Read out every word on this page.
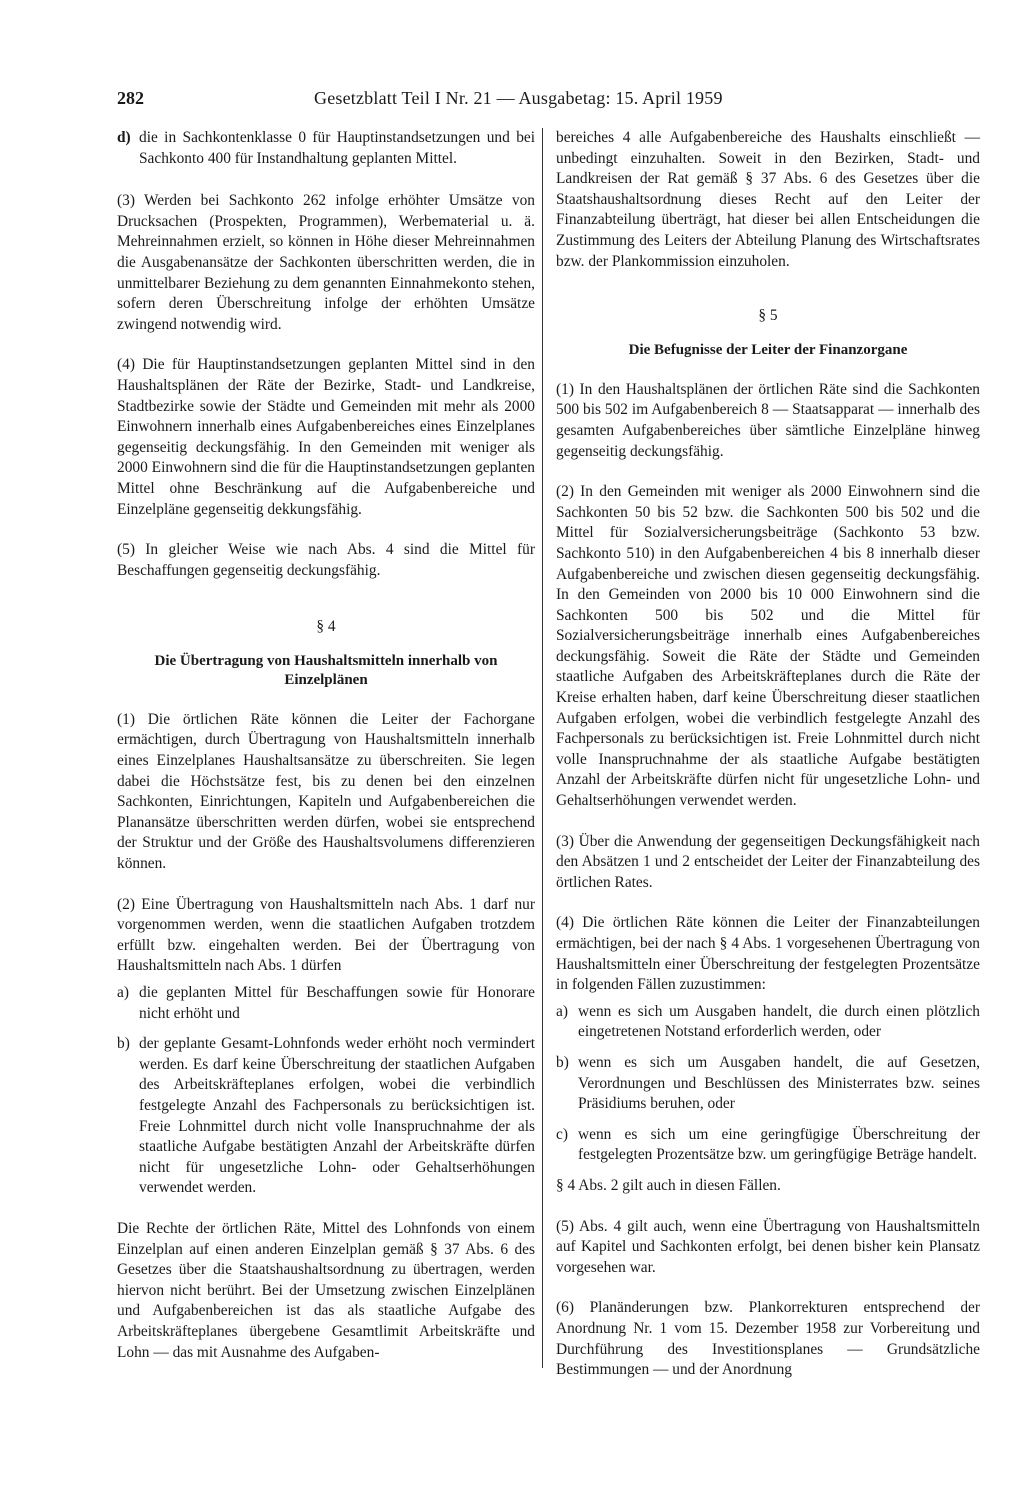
282	Gesetzblatt Teil I Nr. 21 — Ausgabetag: 15. April 1959
d) die in Sachkontenklasse 0 für Hauptinstandsetzungen und bei Sachkonto 400 für Instandhaltung geplanten Mittel.

(3) Werden bei Sachkonto 262 infolge erhöhter Umsätze von Drucksachen (Prospekten, Programmen), Werbematerial u. ä. Mehreinnahmen erzielt, so können in Höhe dieser Mehreinnahmen die Ausgabenansätze der Sachkonten überschritten werden, die in unmittelbarer Beziehung zu dem genannten Einnahmekonto stehen, sofern deren Überschreitung infolge der erhöhten Umsätze zwingend notwendig wird.

(4) Die für Hauptinstandsetzungen geplanten Mittel sind in den Haushaltsplänen der Räte der Bezirke, Stadt- und Landkreise, Stadtbezirke sowie der Städte und Gemeinden mit mehr als 2000 Einwohnern innerhalb eines Aufgabenbereiches eines Einzelplanes gegenseitig deckungsfähig. In den Gemeinden mit weniger als 2000 Einwohnern sind die für die Hauptinstandsetzungen geplanten Mittel ohne Beschränkung auf die Aufgabenbereiche und Einzelpläne gegenseitig dekkungsfähig.

(5) In gleicher Weise wie nach Abs. 4 sind die Mittel für Beschaffungen gegenseitig deckungsfähig.

§ 4
Die Übertragung von Haushaltsmitteln innerhalb von Einzelplänen

(1) Die örtlichen Räte können die Leiter der Fachorgane ermächtigen, durch Übertragung von Haushaltsmitteln innerhalb eines Einzelplanes Haushaltsansätze zu überschreiten. Sie legen dabei die Höchstsätze fest, bis zu denen bei den einzelnen Sachkonten, Einrichtungen, Kapiteln und Aufgabenbereichen die Planansätze überschritten werden dürfen, wobei sie entsprechend der Struktur und der Größe des Haushaltsvolumens differenzieren können.

(2) Eine Übertragung von Haushaltsmitteln nach Abs. 1 darf nur vorgenommen werden, wenn die staatlichen Aufgaben trotzdem erfüllt bzw. eingehalten werden. Bei der Übertragung von Haushaltsmitteln nach Abs. 1 dürfen

a) die geplanten Mittel für Beschaffungen sowie für Honorare nicht erhöht und
b) der geplante Gesamt-Lohnfonds weder erhöht noch vermindert werden. Es darf keine Überschreitung der staatlichen Aufgaben des Arbeitskräfteplanes erfolgen, wobei die verbindlich festgelegte Anzahl des Fachpersonals zu berücksichtigen ist. Freie Lohnmittel durch nicht volle Inanspruchnahme der als staatliche Aufgabe bestätigten Anzahl der Arbeitskräfte dürfen nicht für ungesetzliche Lohn- oder Gehaltserhöhungen verwendet werden.

Die Rechte der örtlichen Räte, Mittel des Lohnfonds von einem Einzelplan auf einen anderen Einzelplan gemäß § 37 Abs. 6 des Gesetzes über die Staatshaushaltsordnung zu übertragen, werden hiervon nicht berührt. Bei der Umsetzung zwischen Einzelplänen und Aufgabenbereichen ist das als staatliche Aufgabe des Arbeitskräfteplanes übergebene Gesamtlimit Arbeitskräfte und Lohn — das mit Ausnahme des Aufgaben-

bereiches 4 alle Aufgabenbereiche des Haushalts einschließt — unbedingt einzuhalten. Soweit in den Bezirken, Stadt- und Landkreisen der Rat gemäß § 37 Abs. 6 des Gesetzes über die Staatshaushaltsordnung dieses Recht auf den Leiter der Finanzabteilung überträgt, hat dieser bei allen Entscheidungen die Zustimmung des Leiters der Abteilung Planung des Wirtschaftsrates bzw. der Plankommission einzuholen.

§ 5
Die Befugnisse der Leiter der Finanzorgane

(1) In den Haushaltsplänen der örtlichen Räte sind die Sachkonten 500 bis 502 im Aufgabenbereich 8 — Staatsapparat — innerhalb des gesamten Aufgabenbereiches über sämtliche Einzelpläne hinweg gegenseitig deckungsfähig.

(2) In den Gemeinden mit weniger als 2000 Einwohnern sind die Sachkonten 50 bis 52 bzw. die Sachkonten 500 bis 502 und die Mittel für Sozialversicherungsbeiträge (Sachkonto 53 bzw. Sachkonto 510) in den Aufgabenbereichen 4 bis 8 innerhalb dieser Aufgabenbereiche und zwischen diesen gegenseitig deckungsfähig. In den Gemeinden von 2000 bis 10 000 Einwohnern sind die Sachkonten 500 bis 502 und die Mittel für Sozialversicherungsbeiträge innerhalb eines Aufgabenbereiches deckungsfähig. Soweit die Räte der Städte und Gemeinden staatliche Aufgaben des Arbeitskräfteplanes durch die Räte der Kreise erhalten haben, darf keine Überschreitung dieser staatlichen Aufgaben erfolgen, wobei die verbindlich festgelegte Anzahl des Fachpersonals zu berücksichtigen ist. Freie Lohnmittel durch nicht volle Inanspruchnahme der als staatliche Aufgabe bestätigten Anzahl der Arbeitskräfte dürfen nicht für ungesetzliche Lohn- und Gehaltserhöhungen verwendet werden.

(3) Über die Anwendung der gegenseitigen Deckungsfähigkeit nach den Absätzen 1 und 2 entscheidet der Leiter der Finanzabteilung des örtlichen Rates.

(4) Die örtlichen Räte können die Leiter der Finanzabteilungen ermächtigen, bei der nach § 4 Abs. 1 vorgesehenen Übertragung von Haushaltsmitteln einer Überschreitung der festgelegten Prozentsätze in folgenden Fällen zuzustimmen:

a) wenn es sich um Ausgaben handelt, die durch einen plötzlich eingetretenen Notstand erforderlich werden, oder
b) wenn es sich um Ausgaben handelt, die auf Gesetzen, Verordnungen und Beschlüssen des Ministerrates bzw. seines Präsidiums beruhen, oder
c) wenn es sich um eine geringfügige Überschreitung der festgelegten Prozentsätze bzw. um geringfügige Beträge handelt.

§ 4 Abs. 2 gilt auch in diesen Fällen.

(5) Abs. 4 gilt auch, wenn eine Übertragung von Haushaltsmitteln auf Kapitel und Sachkonten erfolgt, bei denen bisher kein Plansatz vorgesehen war.

(6) Planänderungen bzw. Plankorrekturen entsprechend der Anordnung Nr. 1 vom 15. Dezember 1958 zur Vorbereitung und Durchführung des Investitionsplanes — Grundsätzliche Bestimmungen — und der Anordnung
